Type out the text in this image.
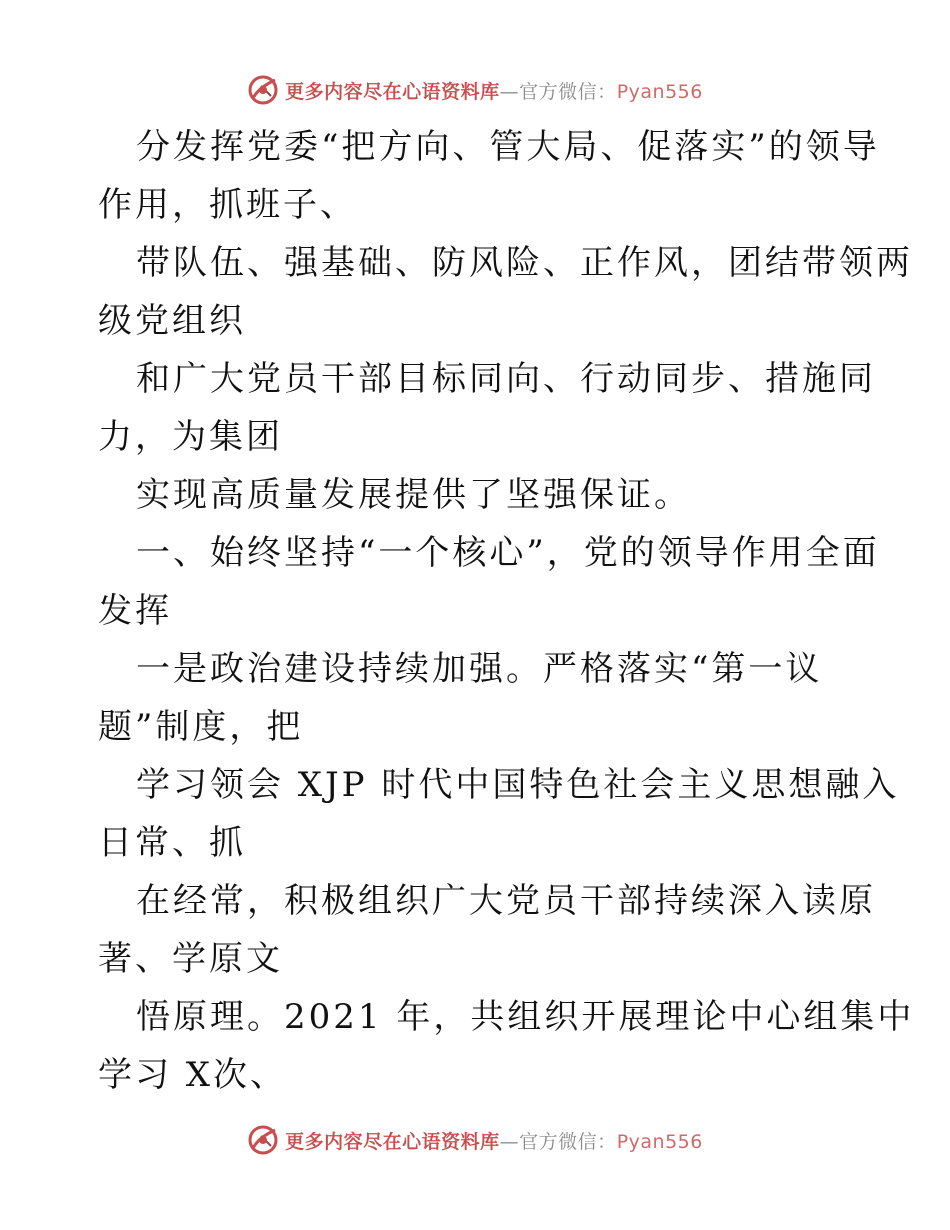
更多内容尽在心语资料库—官方微信：Pyan556
分发挥党委“把方向、管大局、促落实”的领导
作用，抓班子、
带队伍、强基础、防风险、正作风，团结带领两
级党组织
和广大党员干部目标同向、行动同步、措施同
力，为集团
实现高质量发展提供了坚强保证。
一、始终坚持“一个核心”，党的领导作用全面
发挥
一是政治建设持续加强。严格落实“第一议
题”制度，把
学习领会 XJP 时代中国特色社会主义思想融入
日常、抓
在经常，积极组织广大党员干部持续深入读原
著、学原文
悟原理。2021 年，共组织开展理论中心组集中
学习 X次、
更多内容尽在心语资料库—官方微信：Pyan556
